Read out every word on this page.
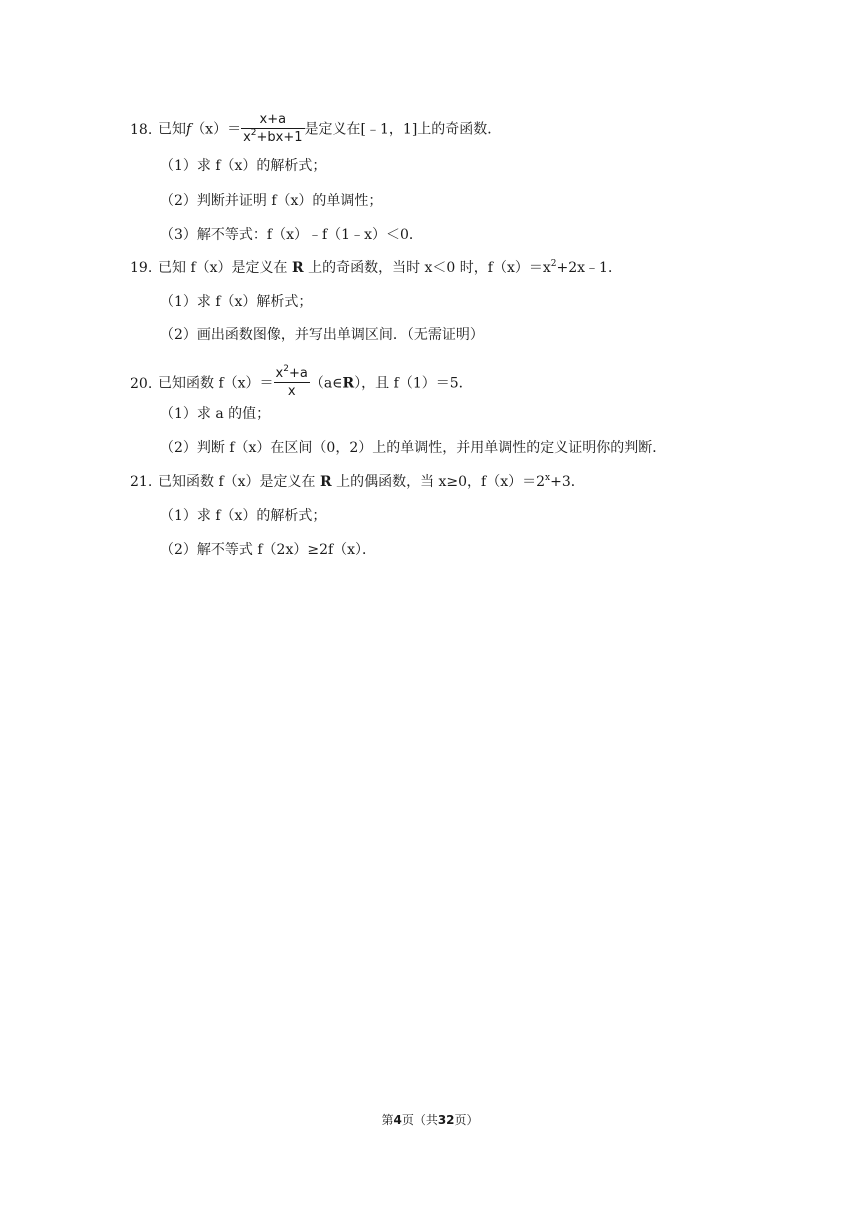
18. 已知$f(x)= \frac{x+a}{x^2+bx+1}$ 是定义在[﹣1，1]上的奇函数．
（1）求 f（x）的解析式；
（2）判断并证明 f（x）的单调性；
（3）解不等式：f（x）﹣f（1﹣x）＜0．
19. 已知 f（x）是定义在 R 上的奇函数，当时 x＜0 时，$f(x)=x^2+2x﹣1$．
（1）求 f（x）解析式；
（2）画出函数图像，并写出单调区间．（无需证明）
20. 已知函数 $f(x)= \frac{x^2+a}{x}$ （a∈R），且 f（1）＝5．
（1）求 a 的值；
（2）判断 f（x）在区间（0，2）上的单调性，并用单调性的定义证明你的判断．
21. 已知函数 f（x）是定义在 R 上的偶函数，当 x≥0，$f(x)=2^x+3$．
（1）求 f（x）的解析式；
（2）解不等式 f（2x）≥2f（x）．
第4页（共32页）
